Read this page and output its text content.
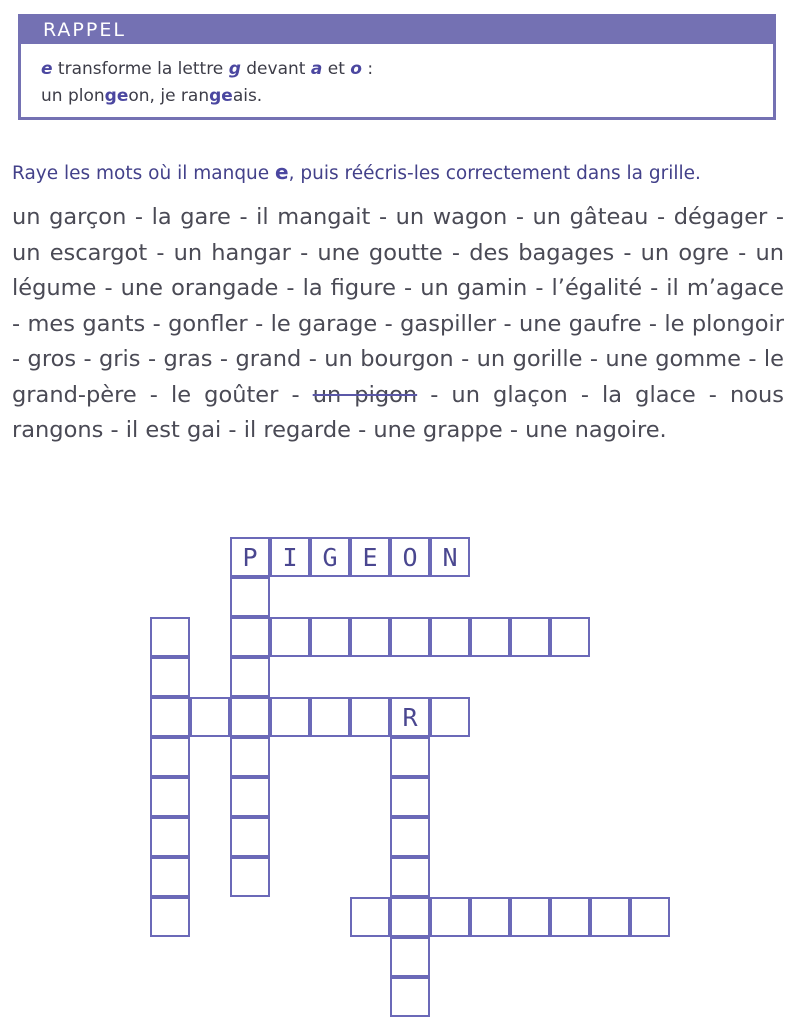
RAPPEL
e transforme la lettre g devant a et o :
un plongeon, je rangeais.
Raye les mots où il manque e, puis réécris-les correctement dans la grille.

un garçon - la gare - il mangait - un wagon - un gâteau - dégager - un escargot - un hangar - une goutte - des bagages - un ogre - un légume - une orangade - la figure - un gamin - l’égalité - il m’agace - mes gants - gonfler - le garage - gaspiller - une gaufre - le plongoir - gros - gris - gras - grand - un bourgon - un gorille - une gomme - le grand-père - le goûter - un pigon - un glaçon - la glace - nous rangons - il est gai - il regarde - une grappe - une nagoire.

P I G E O N
R
